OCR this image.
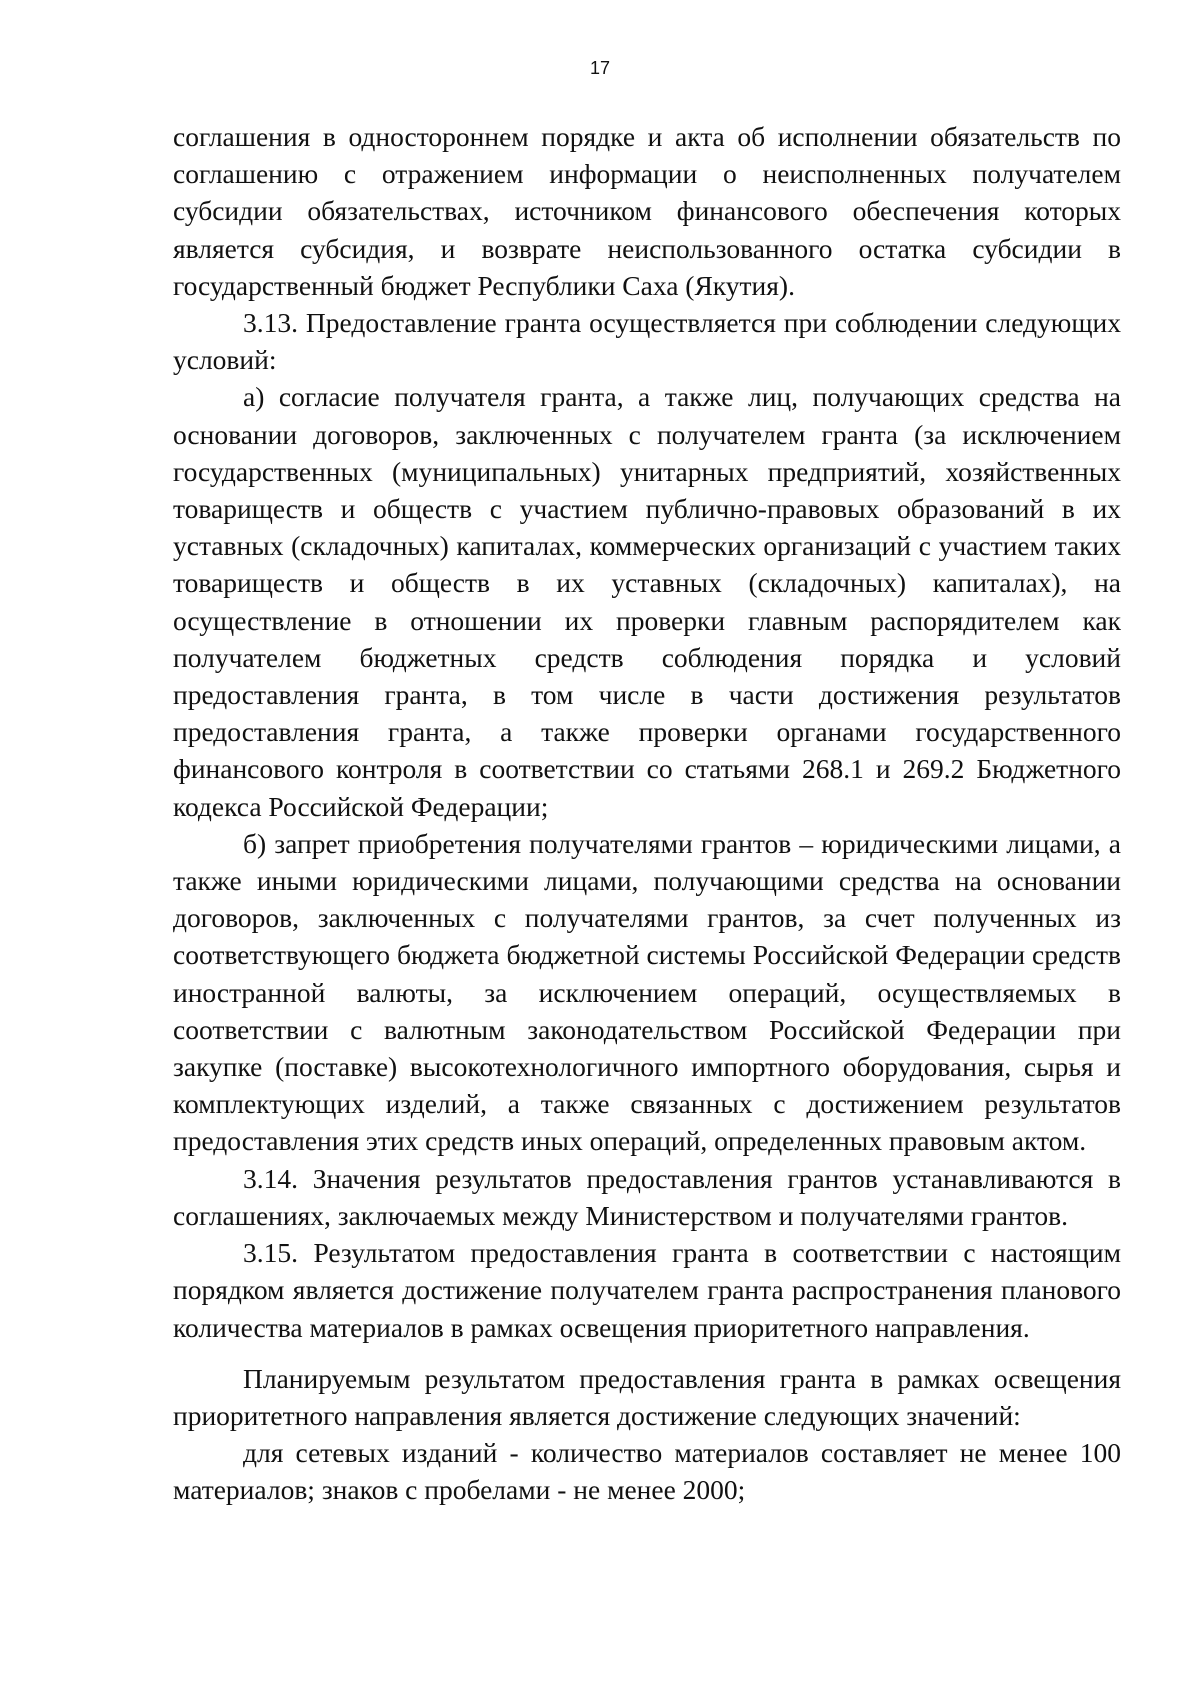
17

соглашения в одностороннем порядке и акта об исполнении обязательств по соглашению с отражением информации о неисполненных получателем субсидии обязательствах, источником финансового обеспечения которых является субсидия, и возврате неиспользованного остатка субсидии в государственный бюджет Республики Саха (Якутия).

3.13. Предоставление гранта осуществляется при соблюдении следующих условий:

а) согласие получателя гранта, а также лиц, получающих средства на основании договоров, заключенных с получателем гранта (за исключением государственных (муниципальных) унитарных предприятий, хозяйственных товариществ и обществ с участием публично-правовых образований в их уставных (складочных) капиталах, коммерческих организаций с участием таких товариществ и обществ в их уставных (складочных) капиталах), на осуществление в отношении их проверки главным распорядителем как получателем бюджетных средств соблюдения порядка и условий предоставления гранта, в том числе в части достижения результатов предоставления гранта, а также проверки органами государственного финансового контроля в соответствии со статьями 268.1 и 269.2 Бюджетного кодекса Российской Федерации;

б) запрет приобретения получателями грантов – юридическими лицами, а также иными юридическими лицами, получающими средства на основании договоров, заключенных с получателями грантов, за счет полученных из соответствующего бюджета бюджетной системы Российской Федерации средств иностранной валюты, за исключением операций, осуществляемых в соответствии с валютным законодательством Российской Федерации при закупке (поставке) высокотехнологичного импортного оборудования, сырья и комплектующих изделий, а также связанных с достижением результатов предоставления этих средств иных операций, определенных правовым актом.

3.14. Значения результатов предоставления грантов устанавливаются в соглашениях, заключаемых между Министерством и получателями грантов.

3.15. Результатом предоставления гранта в соответствии с настоящим порядком является достижение получателем гранта распространения планового количества материалов в рамках освещения приоритетного направления.

Планируемым результатом предоставления гранта в рамках освещения приоритетного направления является достижение следующих значений:

для сетевых изданий - количество материалов составляет не менее 100 материалов; знаков с пробелами - не менее 2000;
